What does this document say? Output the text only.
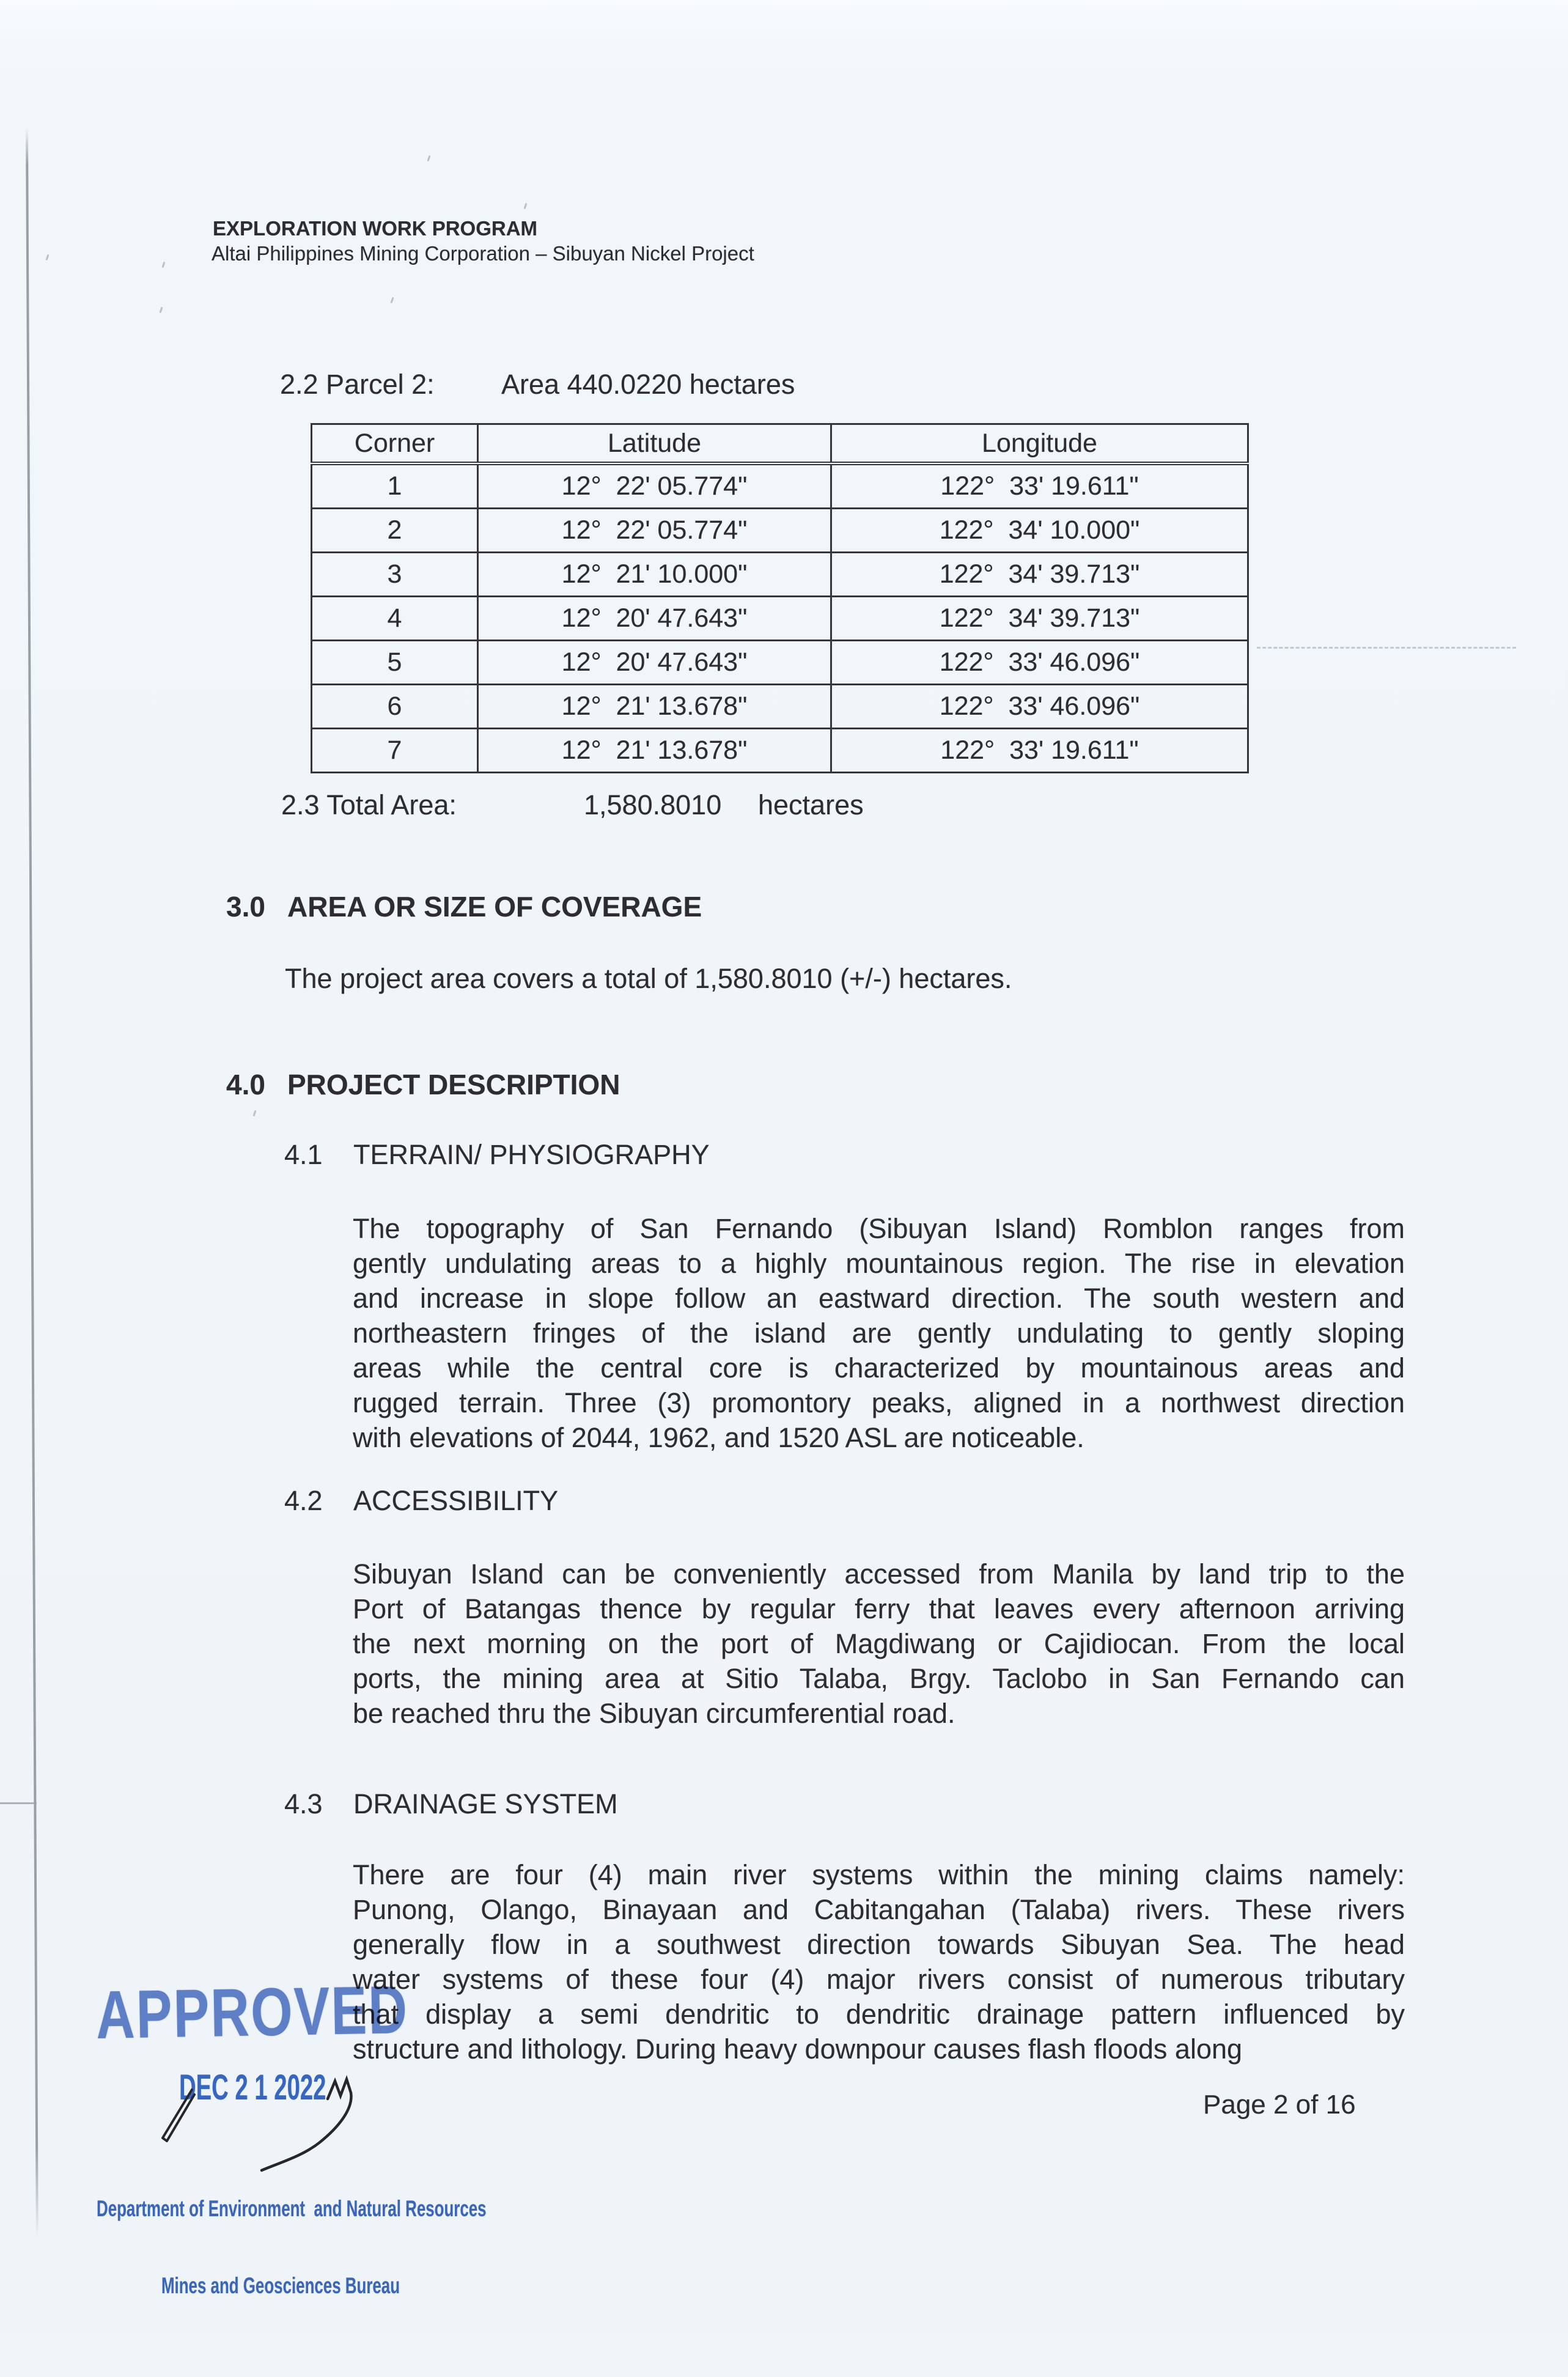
EXPLORATION WORK PROGRAM
Altai Philippines Mining Corporation – Sibuyan Nickel Project
2.2 Parcel 2: Area 440.0220 hectares
Corner	Latitude	Longitude
1	12°  22' 05.774"	122°  33' 19.611"
2	12°  22' 05.774"	122°  34' 10.000"
3	12°  21' 10.000"	122°  34' 39.713"
4	12°  20' 47.643"	122°  34' 39.713"
5	12°  20' 47.643"	122°  33' 46.096"
6	12°  21' 13.678"	122°  33' 46.096"
7	12°  21' 13.678"	122°  33' 19.611"
2.3 Total Area:	1,580.8010 hectares
3.0 AREA OR SIZE OF COVERAGE
The project area covers a total of 1,580.8010 (+/-) hectares.
4.0 PROJECT DESCRIPTION
4.1 TERRAIN/ PHYSIOGRAPHY
The topography of San Fernando (Sibuyan Island) Romblon ranges from
gently undulating areas to a highly mountainous region. The rise in elevation
and increase in slope follow an eastward direction. The south western and
northeastern fringes of the island are gently undulating to gently sloping
areas while the central core is characterized by mountainous areas and
rugged terrain. Three (3) promontory peaks, aligned in a northwest direction
with elevations of 2044, 1962, and 1520 ASL are noticeable.
4.2 ACCESSIBILITY
Sibuyan Island can be conveniently accessed from Manila by land trip to the
Port of Batangas thence by regular ferry that leaves every afternoon arriving
the next morning on the port of Magdiwang or Cajidiocan. From the local
ports, the mining area at Sitio Talaba, Brgy. Taclobo in San Fernando can
be reached thru the Sibuyan circumferential road.
4.3 DRAINAGE SYSTEM
There are four (4) main river systems within the mining claims namely:
Punong, Olango, Binayaan and Cabitangahan (Talaba) rivers. These rivers
generally flow in a southwest direction towards Sibuyan Sea. The head
water systems of these four (4) major rivers consist of numerous tributary
that display a semi dendritic to dendritic drainage pattern influenced by
structure and lithology. During heavy downpour causes flash floods along
APPROVED
DEC 2 1 2022

Department of Environment  and Natural Resources

Mines and Geosciences Bureau

Page 2 of 16
